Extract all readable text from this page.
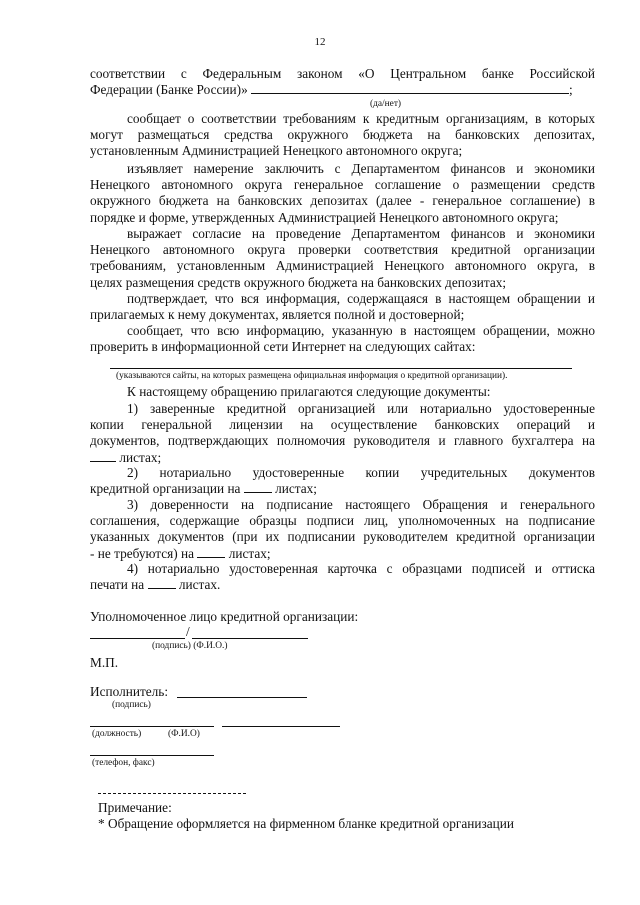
12
соответствии с Федеральным законом «О Центральном банке Российской
Федерации (Банке России)»	;
(да/нет)
сообщает о соответствии требованиям к кредитным организациям, в которых
могут размещаться средства окружного бюджета на банковских депозитах,
установленным Администрацией Ненецкого автономного округа;
изъявляет намерение заключить с Департаментом финансов и экономики
Ненецкого автономного округа генеральное соглашение о размещении средств
окружного бюджета на банковских депозитах (далее - генеральное соглашение) в
порядке и форме, утвержденных Администрацией Ненецкого автономного округа;
выражает согласие на проведение Департаментом финансов и экономики
Ненецкого автономного округа проверки соответствия кредитной организации
требованиям, установленным Администрацией Ненецкого автономного округа, в
целях размещения средств окружного бюджета на банковских депозитах;
подтверждает, что вся информация, содержащаяся в настоящем обращении и
прилагаемых к нему документах, является полной и достоверной;
сообщает, что всю информацию, указанную в настоящем обращении, можно
проверить в информационной сети Интернет на следующих сайтах:
(указываются сайты, на которых размещена официальная информация о кредитной организации).
К настоящему обращению прилагаются следующие документы:
1) заверенные кредитной организацией или нотариально удостоверенные
копии генеральной лицензии на осуществление банковских операций и
документов, подтверждающих полномочия руководителя и главного бухгалтера на
листах;
2) нотариально удостоверенные копии учредительных документов
кредитной организации на	листах;
3) доверенности на подписание настоящего Обращения и генерального
соглашения, содержащие образцы подписи лиц, уполномоченных на подписание
указанных документов (при их подписании руководителем кредитной организации
- не требуются) на	листах;
4) нотариально удостоверенная карточка с образцами подписей и оттиска
печати на	листах.
Уполномоченное лицо кредитной организации:
/
(подпись) (Ф.И.О.)
М.П.
Исполнитель:
(подпись)
(должность)	(Ф.И.О)
(телефон, факс)
Примечание:
* Обращение оформляется на фирменном бланке кредитной организации
